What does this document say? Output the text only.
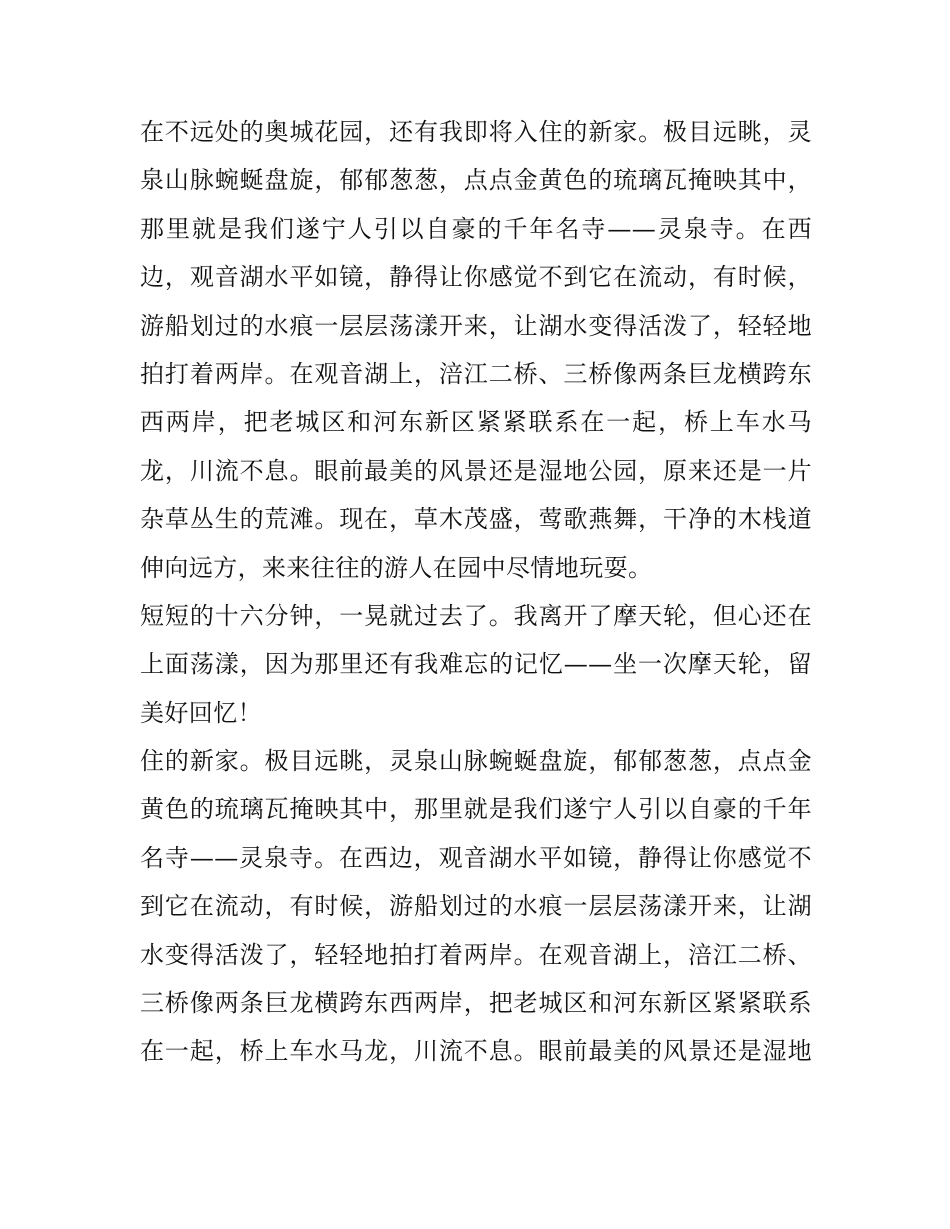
在不远处的奥城花园，还有我即将入住的新家。极目远眺，灵
泉山脉蜿蜒盘旋，郁郁葱葱，点点金黄色的琉璃瓦掩映其中，
那里就是我们遂宁人引以自豪的千年名寺——灵泉寺。在西
边，观音湖水平如镜，静得让你感觉不到它在流动，有时候，
游船划过的水痕一层层荡漾开来，让湖水变得活泼了，轻轻地
拍打着两岸。在观音湖上，涪江二桥、三桥像两条巨龙横跨东
西两岸，把老城区和河东新区紧紧联系在一起，桥上车水马
龙，川流不息。眼前最美的风景还是湿地公园，原来还是一片
杂草丛生的荒滩。现在，草木茂盛，莺歌燕舞，干净的木栈道
伸向远方，来来往往的游人在园中尽情地玩耍。
短短的十六分钟，一晃就过去了。我离开了摩天轮，但心还在
上面荡漾，因为那里还有我难忘的记忆——坐一次摩天轮，留
美好回忆！
住的新家。极目远眺，灵泉山脉蜿蜒盘旋，郁郁葱葱，点点金
黄色的琉璃瓦掩映其中，那里就是我们遂宁人引以自豪的千年
名寺——灵泉寺。在西边，观音湖水平如镜，静得让你感觉不
到它在流动，有时候，游船划过的水痕一层层荡漾开来，让湖
水变得活泼了，轻轻地拍打着两岸。在观音湖上，涪江二桥、
三桥像两条巨龙横跨东西两岸，把老城区和河东新区紧紧联系
在一起，桥上车水马龙，川流不息。眼前最美的风景还是湿地
